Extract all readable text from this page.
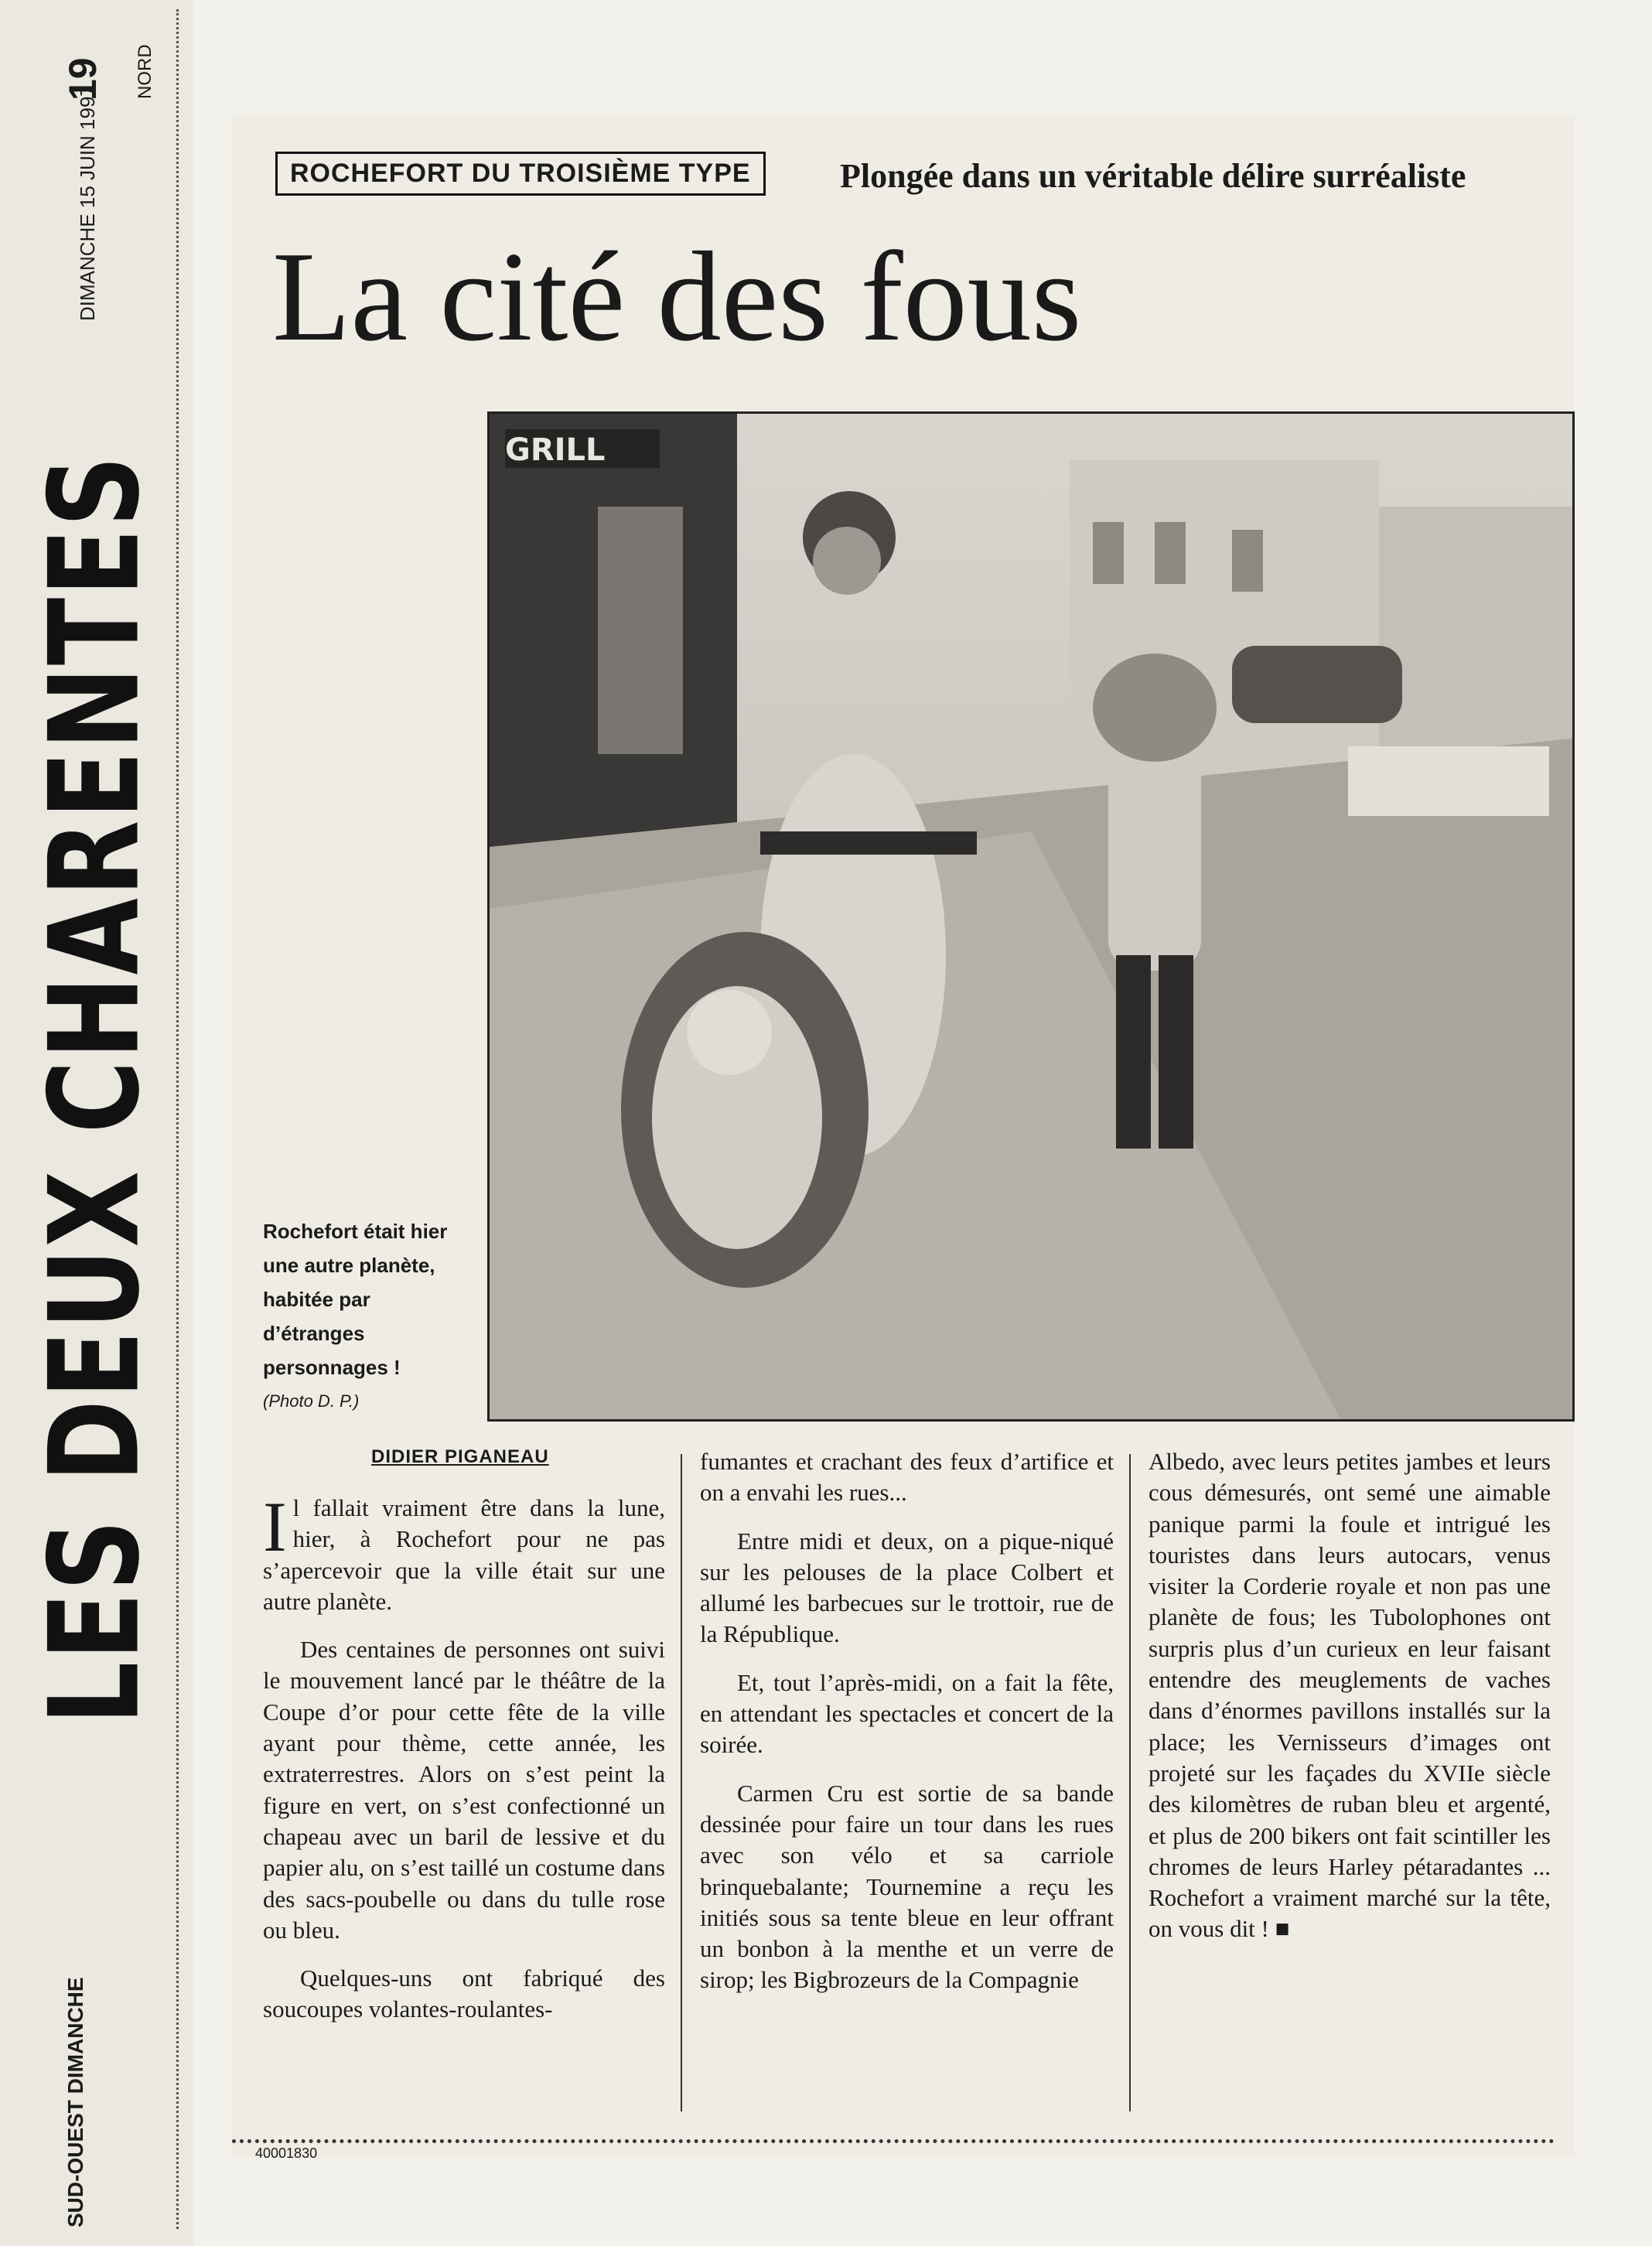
19
DIMANCHE 15 JUIN 1997
NORD
LES DEUX CHARENTES
SUD-OUEST DIMANCHE
ROCHEFORT DU TROISIÈME TYPE	Plongée dans un véritable délire surréaliste
La cité des fous
GRILL
Rochefort était hier une autre planète, habitée par d’étranges personnages !
(Photo D. P.)
DIDIER PIGANEAU

Il fallait vraiment être dans la lune, hier, à Rochefort pour ne pas s’apercevoir que la ville était sur une autre planète.

Des centaines de personnes ont suivi le mouvement lancé par le théâtre de la Coupe d’or pour cette fête de la ville ayant pour thème, cette année, les extraterrestres. Alors on s’est peint la figure en vert, on s’est confectionné un chapeau avec un baril de lessive et du papier alu, on s’est taillé un costume dans des sacs-poubelle ou dans du tulle rose ou bleu.

Quelques-uns ont fabriqué des soucoupes volantes-roulantes-

fumantes et crachant des feux d’artifice et on a envahi les rues...

Entre midi et deux, on a pique-niqué sur les pelouses de la place Colbert et allumé les barbecues sur le trottoir, rue de la République.

Et, tout l’après-midi, on a fait la fête, en attendant les spectacles et concert de la soirée.

Carmen Cru est sortie de sa bande dessinée pour faire un tour dans les rues avec son vélo et sa carriole brinquebalante; Tournemine a reçu les initiés sous sa tente bleue en leur offrant un bonbon à la menthe et un verre de sirop; les Bigbrozeurs de la Compagnie

Albedo, avec leurs petites jambes et leurs cous démesurés, ont semé une aimable panique parmi la foule et intrigué les touristes dans leurs autocars, venus visiter la Corderie royale et non pas une planète de fous; les Tubolophones ont surpris plus d’un curieux en leur faisant entendre des meuglements de vaches dans d’énormes pavillons installés sur la place; les Vernisseurs d’images ont projeté sur les façades du XVIIe siècle des kilomètres de ruban bleu et argenté, et plus de 200 bikers ont fait scintiller les chromes de leurs Harley pétaradantes ... Rochefort a vraiment marché sur la tête, on vous dit ! ■

40001830
